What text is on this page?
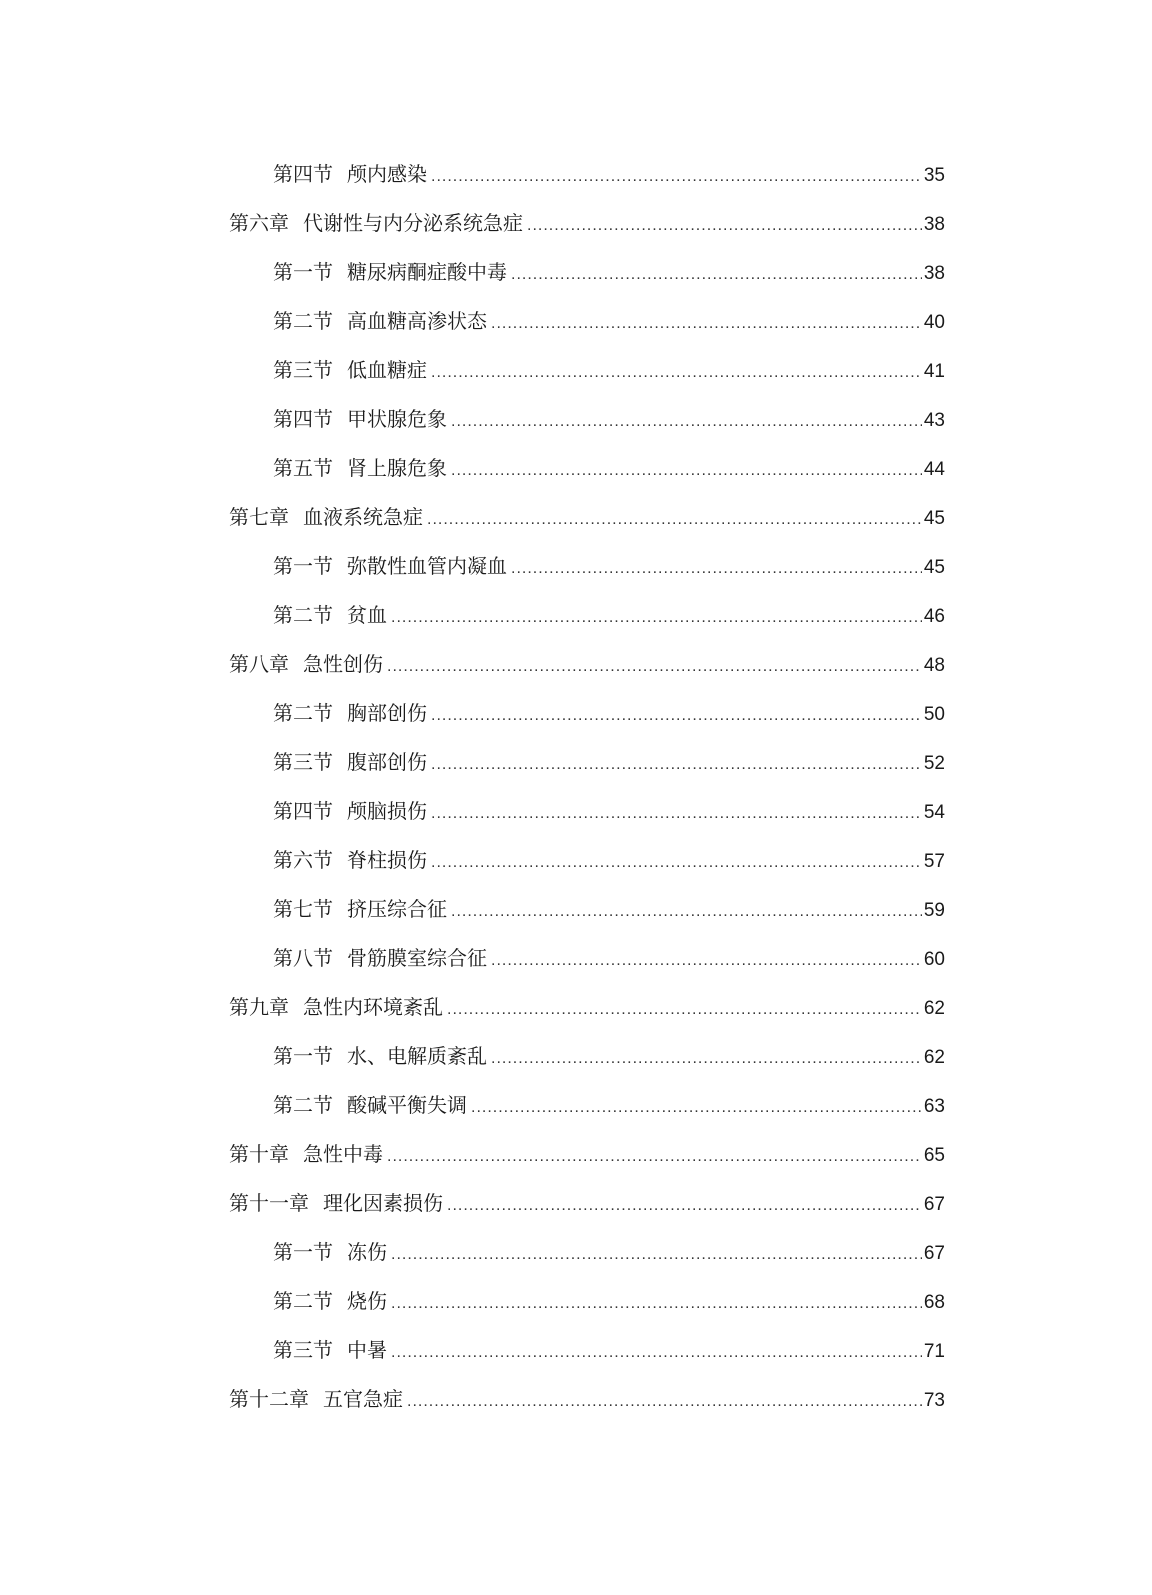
第四节 颅内感染 .....	35
第六章 代谢性与内分泌系统急症 .....	38
第一节 糖尿病酮症酸中毒 .....	38
第二节 高血糖高渗状态 .....	40
第三节 低血糖症 .....	41
第四节 甲状腺危象 .....	43
第五节 肾上腺危象 .....	44
第七章 血液系统急症 .....	45
第一节 弥散性血管内凝血 .....	45
第二节 贫血 .....	46
第八章 急性创伤 .....	48
第二节 胸部创伤 .....	50
第三节 腹部创伤 .....	52
第四节 颅脑损伤 .....	54
第六节 脊柱损伤 .....	57
第七节 挤压综合征 .....	59
第八节 骨筋膜室综合征 .....	60
第九章 急性内环境紊乱 .....	62
第一节 水、电解质紊乱 .....	62
第二节 酸碱平衡失调 .....	63
第十章 急性中毒 .....	65
第十一章 理化因素损伤 .....	67
第一节 冻伤 .....	67
第二节 烧伤 .....	68
第三节 中暑 .....	71
第十二章 五官急症 .....	73
